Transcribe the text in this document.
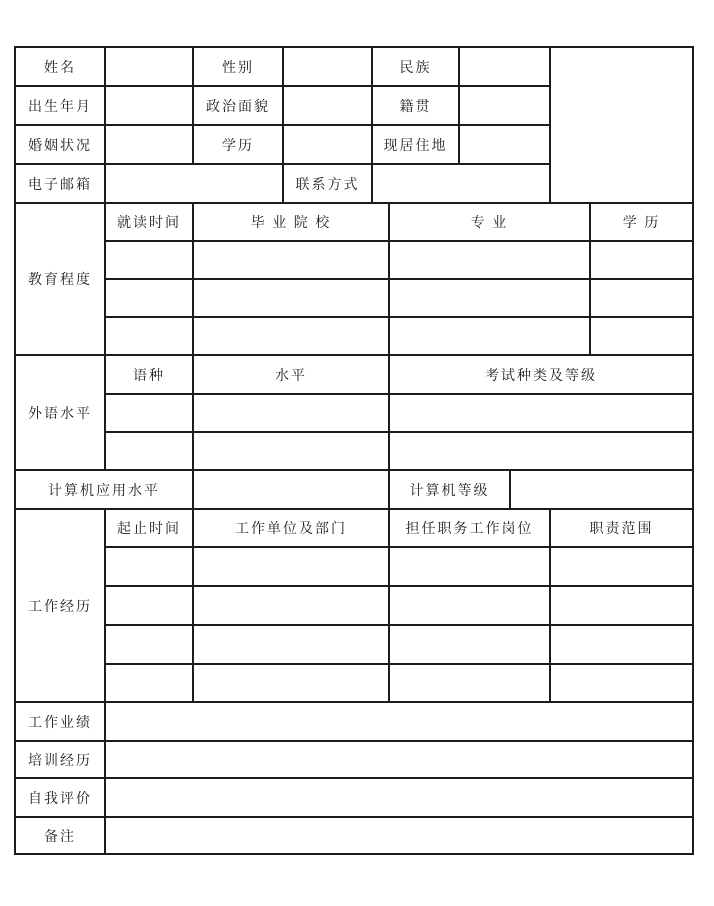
姓名		性别		民族					
出生年月		政治面貌		籍贯					
婚姻状况		学历		现居住地					
电子邮箱			联系方式						
教育程度	就读时间	毕 业 院 校			专 业				学 历

外语水平	语种	水平			考试种类及等级				

计算机应用水平					计算机等级				
工作经历	起止时间	工作单位及部门			担任职务工作岗位			职责范围	

工作业绩									
培训经历									
自我评价									
备注									
